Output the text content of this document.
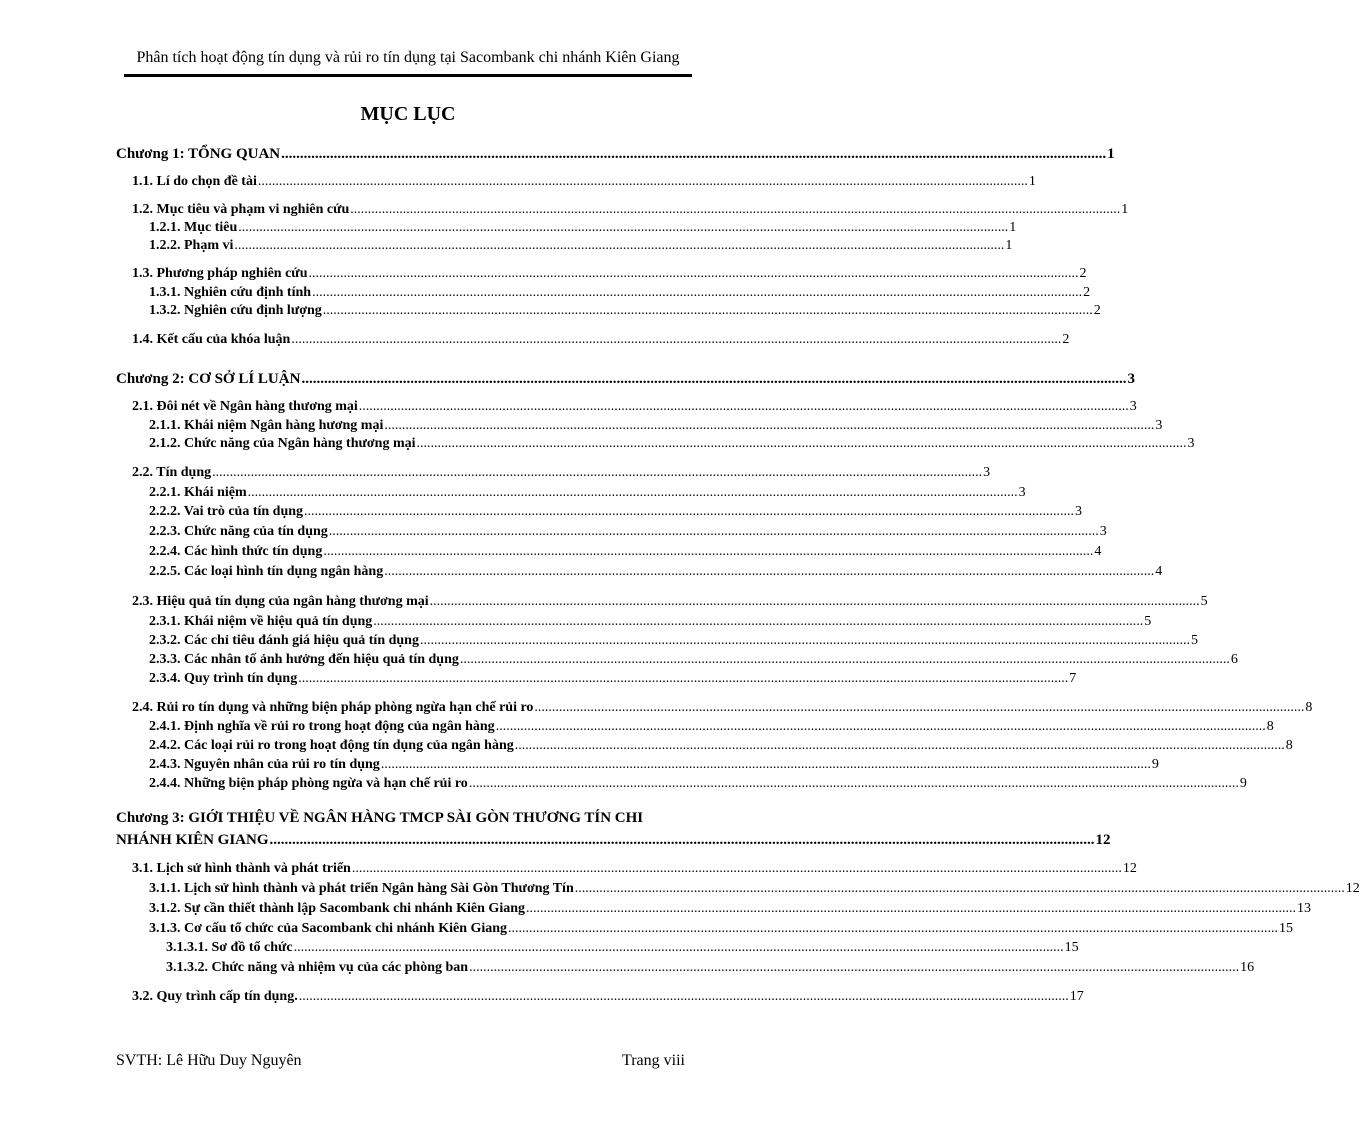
Phân tích hoạt động tín dụng và rủi ro tín dụng tại Sacombank chi nhánh Kiên Giang
MỤC LỤC
Chương 1: TỔNG QUAN ............................................................................................................................................................................................................................ 1
1.1. Lí do chọn đề tài ............................................................................................................................................................................................................................ 1
1.2. Mục tiêu và phạm vi nghiên cứu ............................................................................................................................................................................................................................ 1
1.2.1. Mục tiêu ............................................................................................................................................................................................................................ 1
1.2.2. Phạm vi ............................................................................................................................................................................................................................ 1
1.3. Phương pháp nghiên cứu ............................................................................................................................................................................................................................ 2
1.3.1. Nghiên cứu định tính ............................................................................................................................................................................................................................ 2
1.3.2. Nghiên cứu định lượng ............................................................................................................................................................................................................................ 2
1.4. Kết cấu của khóa luận ............................................................................................................................................................................................................................ 2
Chương 2: CƠ SỞ LÍ LUẬN ............................................................................................................................................................................................................................ 3
2.1. Đôi nét về Ngân hàng thương mại ............................................................................................................................................................................................................................ 3
2.1.1. Khái niệm Ngân hàng hương mại ............................................................................................................................................................................................................................ 3
2.1.2. Chức năng của Ngân hàng thương mại ............................................................................................................................................................................................................................ 3
2.2. Tín dụng ............................................................................................................................................................................................................................ 3
2.2.1. Khái niệm ............................................................................................................................................................................................................................ 3
2.2.2. Vai trò của tín dụng ............................................................................................................................................................................................................................ 3
2.2.3. Chức năng của tín dụng ............................................................................................................................................................................................................................ 3
2.2.4. Các hình thức tín dụng ............................................................................................................................................................................................................................ 4
2.2.5. Các loại hình tín dụng ngân hàng ............................................................................................................................................................................................................................ 4
2.3. Hiệu quả tín dụng của ngân hàng thương mại ............................................................................................................................................................................................................................ 5
2.3.1. Khái niệm về hiệu quả tín dụng ............................................................................................................................................................................................................................ 5
2.3.2. Các chỉ tiêu đánh giá hiệu quả tín dụng ............................................................................................................................................................................................................................ 5
2.3.3. Các nhân tố ảnh hưởng đến hiệu quả tín dụng ............................................................................................................................................................................................................................ 6
2.3.4. Quy trình tín dụng ............................................................................................................................................................................................................................ 7
2.4. Rủi ro tín dụng và những biện pháp phòng ngừa hạn chế rủi ro ............................................................................................................................................................................................................................ 8
2.4.1. Định nghĩa về rủi ro trong hoạt động của ngân hàng ............................................................................................................................................................................................................................ 8
2.4.2. Các loại rủi ro trong hoạt động tín dụng của ngân hàng ............................................................................................................................................................................................................................ 8
2.4.3. Nguyên nhân của rủi ro tín dụng ............................................................................................................................................................................................................................ 9
2.4.4. Những biện pháp phòng ngừa và hạn chế rủi ro ............................................................................................................................................................................................................................ 9
Chương 3: GIỚI THIỆU VỀ NGÂN HÀNG TMCP SÀI GÒN THƯƠNG TÍN CHI
NHÁNH KIÊN GIANG ............................................................................................................................................................................................................................ 12
3.1. Lịch sử hình thành và phát triển ............................................................................................................................................................................................................................ 12
3.1.1. Lịch sử hình thành và phát triển Ngân hàng Sài Gòn Thương Tín ............................................................................................................................................................................................................................ 12
3.1.2. Sự cần thiết thành lập Sacombank chi nhánh Kiên Giang ............................................................................................................................................................................................................................ 13
3.1.3. Cơ cấu tổ chức của Sacombank chi nhánh Kiên Giang ............................................................................................................................................................................................................................ 15
3.1.3.1. Sơ đồ tổ chức ............................................................................................................................................................................................................................ 15
3.1.3.2. Chức năng và nhiệm vụ của các phòng ban ............................................................................................................................................................................................................................ 16
3.2. Quy trình cấp tín dụng. ............................................................................................................................................................................................................................ 17
SVTH: Lê Hữu Duy Nguyên	Trang viii
